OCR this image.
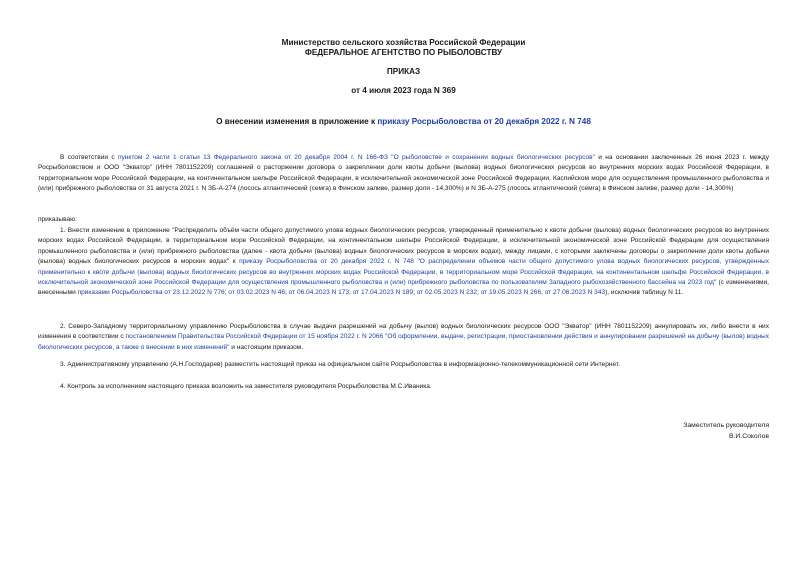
Министерство сельского хозяйства Российской Федерации
ФЕДЕРАЛЬНОЕ АГЕНТСТВО ПО РЫБОЛОВСТВУ
ПРИКАЗ
от 4 июля 2023 года N 369
О внесении изменения в приложение к приказу Росрыболовства от 20 декабря 2022 г. N 748
В соответствии с пунктом 2 части 1 статьи 13 Федерального закона от 20 декабря 2004 г. N 166-ФЗ "О рыболовстве и сохранении водных биологических ресурсов" и на основании заключенных 26 июня 2023 г. между Росрыболовством и ООО "Экватор" (ИНН 7801152209) соглашений о расторжении договора о закреплении доли квоты добычи (вылова) водных биологических ресурсов во внутренних морских водах Российской Федерации, в территориальном море Российской Федерации, на континентальном шельфе Российской Федерации, в исключительной экономической зоне Российской Федерации, Каспийском море для осуществления промышленного рыболовства и (или) прибрежного рыболовства от 31 августа 2021 г. N ЗБ-А-274 (лосось атлантический (семга) в Финском заливе, размер доли - 14,300%) и N ЗБ-А-275 (лосось атлантический (семга) в Финском заливе, размер доли - 14,300%)
приказываю:
1. Внести изменение в приложение "Распределить объём части общего допустимого улова водных биологических ресурсов, утвержденный применительно к квоте добычи (вылова) водных биологических ресурсов во внутренних морских водах Российской Федерации, в территориальном море Российской Федерации, на континентальном шельфе Российской Федерации, в исключительной экономической зоне Российской Федерации для осуществления промышленного рыболовства и (или) прибрежного рыболовства (далее - квота добычи (вылова) водных биологических ресурсов в морских водах), между лицами, с которыми заключены договоры о закреплении доли квоты добычи (вылова) водных биологических ресурсов в морских водах" к приказу Росрыболовства от 20 декабря 2022 г. N 748 "О распределении объемов части общего допустимого улова водных биологических ресурсов, утвержденных применительно к квоте добычи (вылова) водных биологических ресурсов во внутренних морских водах Российской Федерации, в территориальном море Российской Федерации, на континентальном шельфе Российской Федерации, в исключительной экономической зоне Российской Федерации для осуществления промышленного рыболовства и (или) прибрежного рыболовства по пользователям Западного рыбохозяйственного бассейна на 2023 год" (с изменениями, внесенными приказами Росрыболовства от 23.12.2022 N 776; от 03.02.2023 N 46; от 06.04.2023 N 173; от 17.04.2023 N 189; от 02.05.2023 N 232; от 19.05.2023 N 266, от 27.06.2023 N 343), исключив таблицу N 11.
2. Северо-Западному территориальному управлению Росрыболовства в случае выдачи разрешений на добычу (вылов) водных биологических ресурсов ООО "Экватор" (ИНН 7801152209) аннулировать их, либо внести в них изменения в соответствии с постановлением Правительства Российской Федерации от 15 ноября 2022 г. N 2066 "Об оформлении, выдаче, регистрации, приостановлении действия и аннулировании разрешений на добычу (вылов) водных биологических ресурсов, а также о внесении в них изменений" и настоящим приказом.
3. Административному управлению (А.Н.Господарев) разместить настоящий приказ на официальном сайте Росрыболовства в информационно-телекоммуникационной сети Интернет.
4. Контроль за исполнением настоящего приказа возложить на заместителя руководителя Росрыболовства М.С.Иваника.
Заместитель руководителя
В.И.Соколов
